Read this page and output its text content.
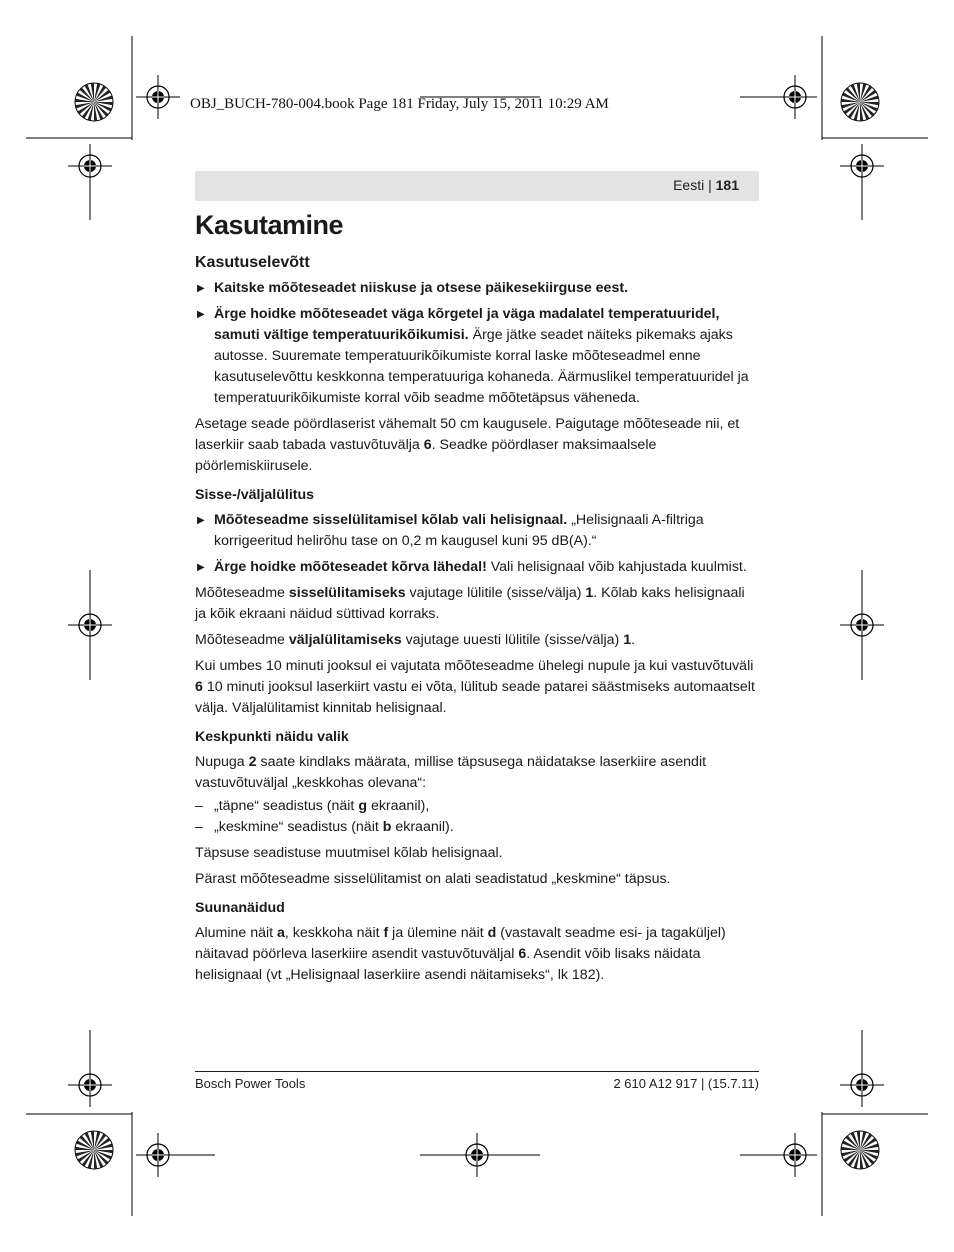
OBJ_BUCH-780-004.book Page 181 Friday, July 15, 2011 10:29 AM
Eesti | 181
Kasutamine
Kasutuselevõtt
▶ Kaitske mõõteseadet niiskuse ja otsese päikesekiirguse eest.
▶ Ärge hoidke mõõteseadet väga kõrgetel ja väga madalatel temperatuuridel, samuti vältige temperatuurikõikumisi. Ärge jätke seadet näiteks pikemaks ajaks autosse. Suuremate temperatuurikõikumiste korral laske mõõteseadmel enne kasutuselevõttu keskkonna temperatuuriga kohaneda. Äärmuslikel temperatuuridel ja temperatuurikõikumiste korral võib seadme mõõtetäpsus väheneda.

Asetage seade pöördlaserist vähemalt 50 cm kaugusele. Paigutage mõõteseade nii, et laserkiir saab tabada vastuvõtuvälja 6. Seadke pöördlaser maksimaalsele pöörlemiskiirusele.

Sisse-/väljalülitus
▶ Mõõteseadme sisselülitamisel kõlab vali helisignaal. „Helisignaali A-filtriga korrigeeritud helirõhu tase on 0,2 m kaugusel kuni 95 dB(A).“
▶ Ärge hoidke mõõteseadet kõrva lähedal! Vali helisignaal võib kahjustada kuulmist.

Mõõteseadme sisselülitamiseks vajutage lülitile (sisse/välja) 1. Kõlab kaks helisignaali ja kõik ekraani näidud süttivad korraks.

Mõõteseadme väljalülitamiseks vajutage uuesti lülitile (sisse/välja) 1.

Kui umbes 10 minuti jooksul ei vajutata mõõteseadme ühelegi nupule ja kui vastuvõtuväli 6 10 minuti jooksul laserkiirt vastu ei võta, lülitub seade patarei säästmiseks automaatselt välja. Väljalülitamist kinnitab helisignaal.

Keskpunkti näidu valik

Nupuga 2 saate kindlaks määrata, millise täpsusega näidatakse laserkiire asendit vastuvõtuväljal „keskkohas olevana“:

– „täpne“ seadistus (näit g ekraanil),
– „keskmine“ seadistus (näit b ekraanil).

Täpsuse seadistuse muutmisel kõlab helisignaal.

Pärast mõõteseadme sisselülitamist on alati seadistatud „keskmine“ täpsus.

Suunanäidud

Alumine näit a, keskkoha näit f ja ülemine näit d (vastavalt seadme esi- ja tagaküljel) näitavad pöörleva laserkiire asendit vastuvõtuväljal 6. Asendit võib lisaks näidata helisignaal (vt „Helisignaal laserkiire asendi näitamiseks“, lk 182).

Bosch Power Tools	2 610 A12 917 | (15.7.11)
